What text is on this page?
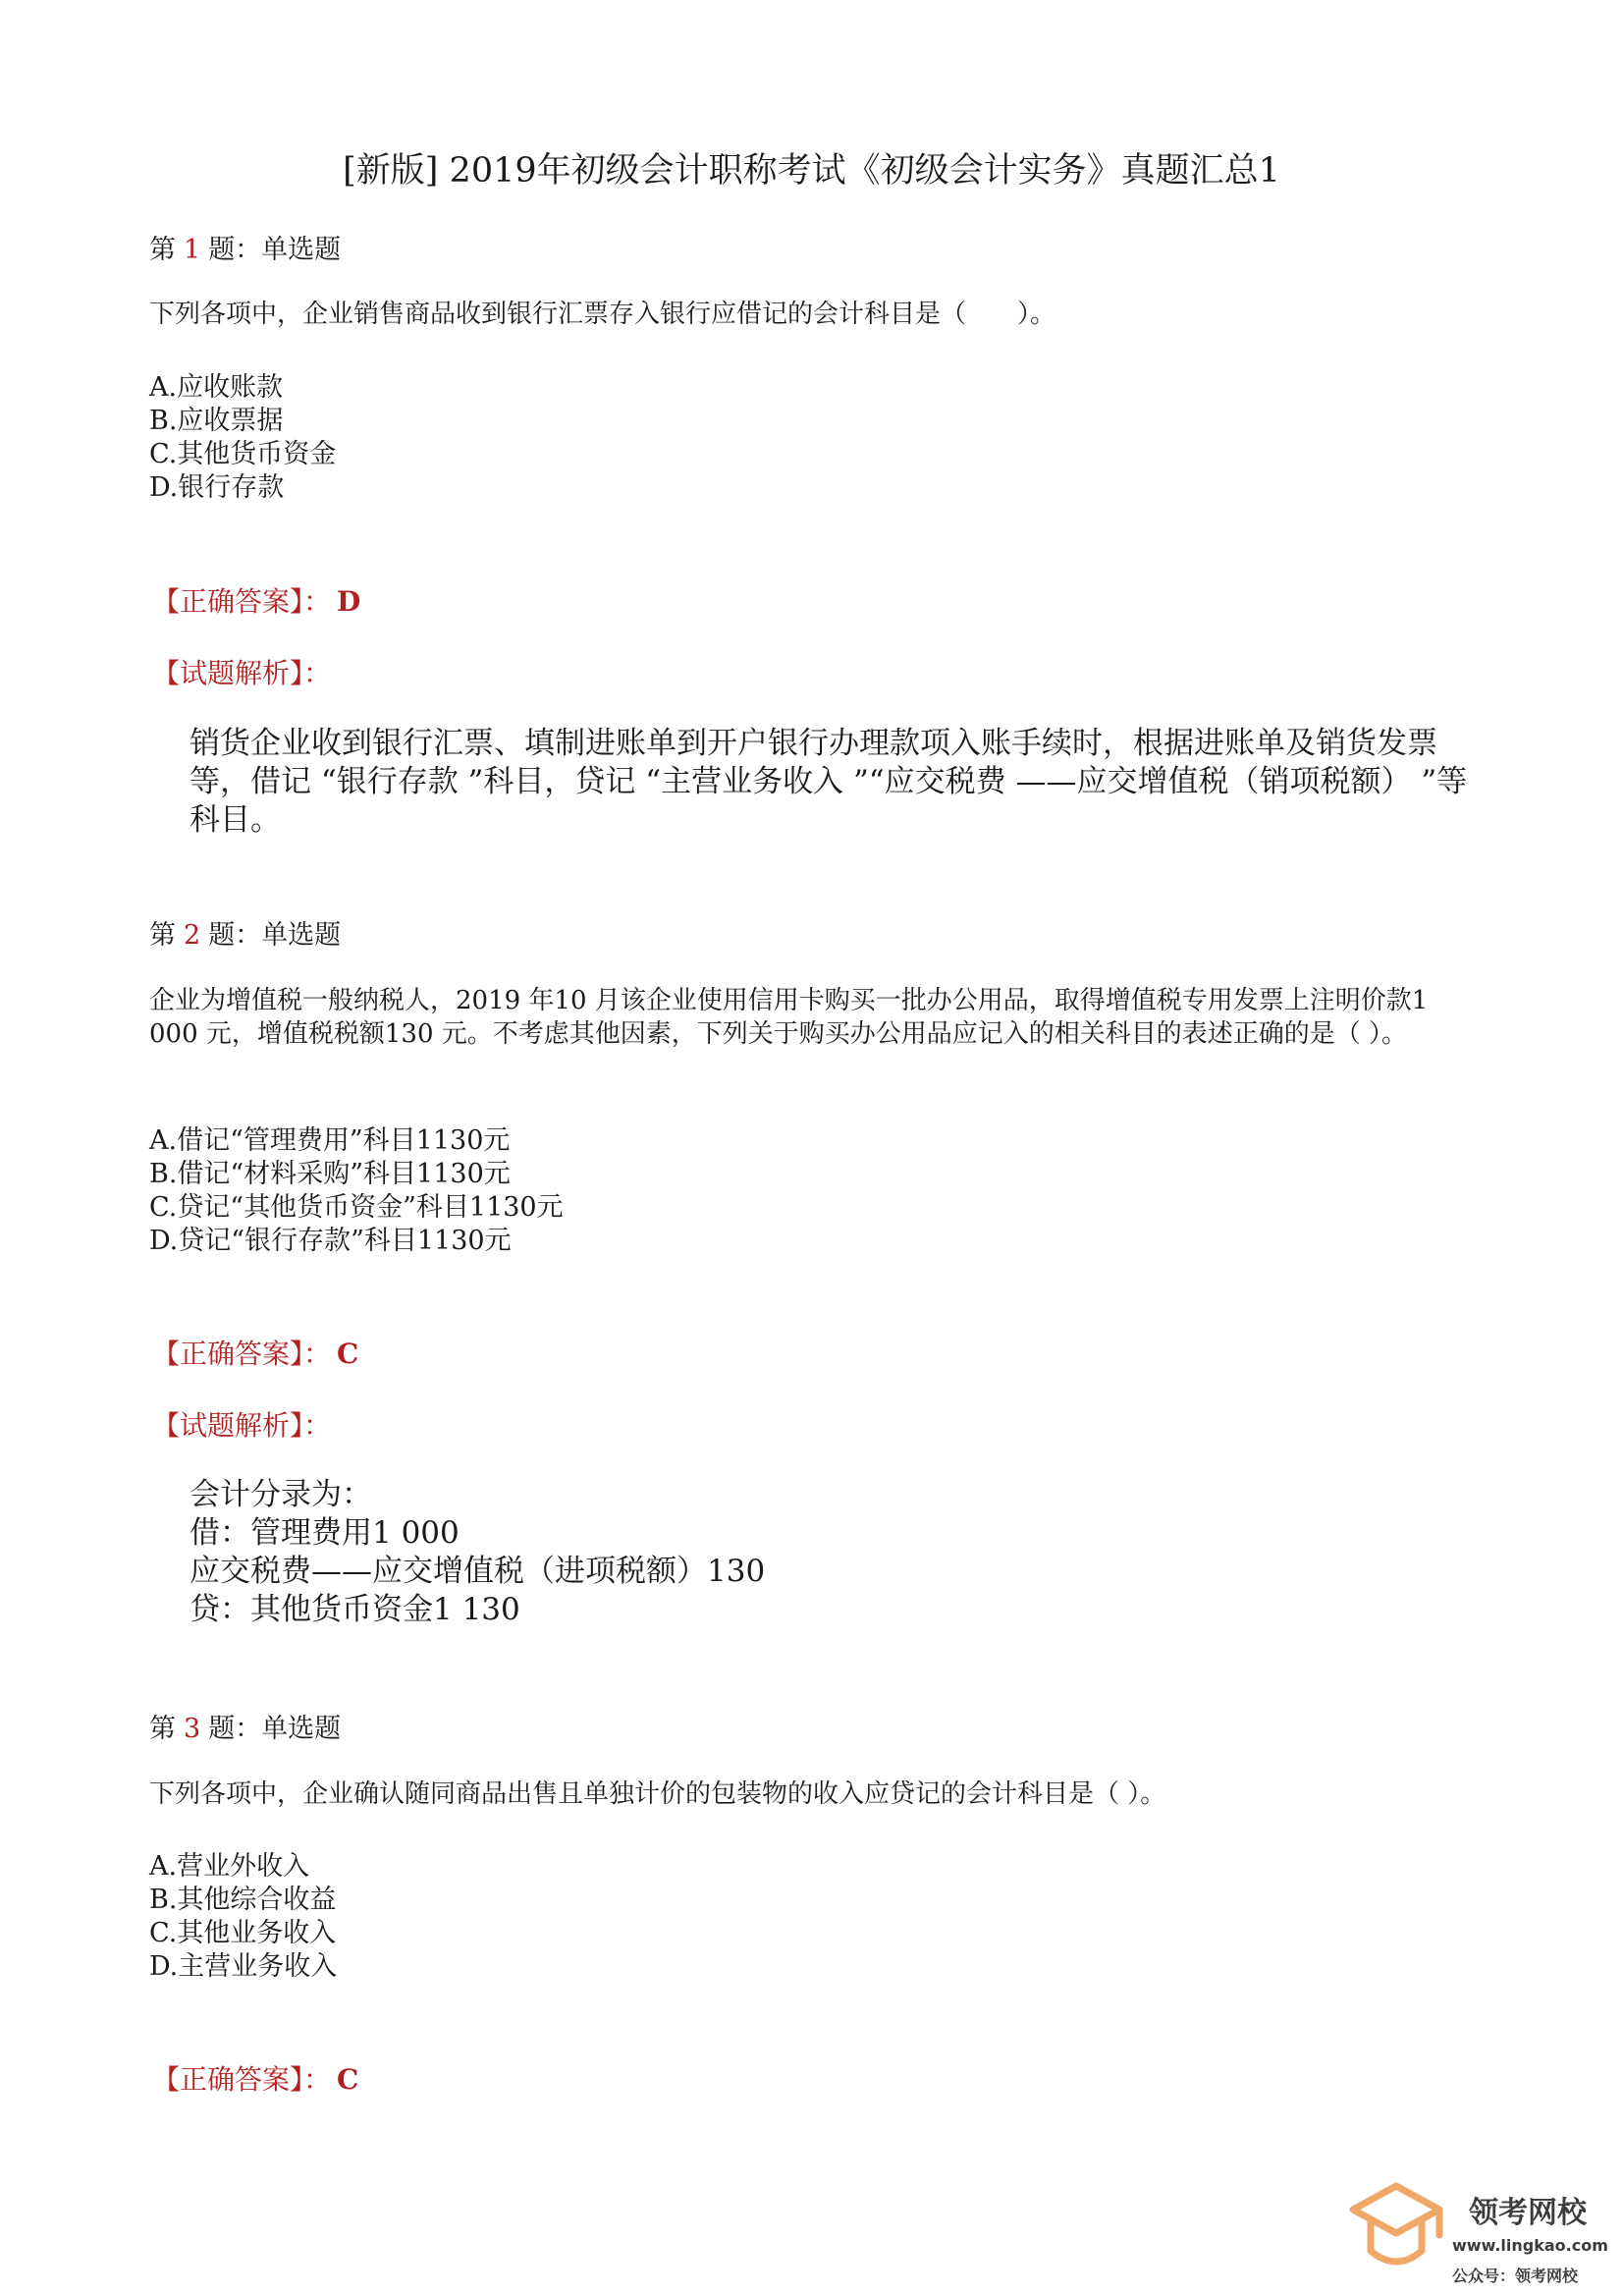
[新版] 2019年初级会计职称考试《初级会计实务》真题汇总1
第 1 题：单选题
下列各项中，企业销售商品收到银行汇票存入银行应借记的会计科目是（　　）。
A.应收账款
B.应收票据
C.其他货币资金
D.银行存款
【正确答案】： D
【试题解析】：
销货企业收到银行汇票、填制进账单到开户银行办理款项入账手续时，根据进账单及销货发票等，借记 “银行存款 ”科目，贷记 “主营业务收入 ”“应交税费 ——应交增值税（销项税额） ”等科目。
第 2 题：单选题
企业为增值税一般纳税人，2019 年10 月该企业使用信用卡购买一批办公用品，取得增值税专用发票上注明价款1 000 元，增值税税额130 元。不考虑其他因素，下列关于购买办公用品应记入的相关科目的表述正确的是（ ）。
A.借记“管理费用”科目1130元
B.借记“材料采购”科目1130元
C.贷记“其他货币资金”科目1130元
D.贷记“银行存款”科目1130元
【正确答案】： C
【试题解析】：
会计分录为：
借：管理费用1 000
应交税费——应交增值税（进项税额）130
贷：其他货币资金1 130
第 3 题：单选题
下列各项中，企业确认随同商品出售且单独计价的包装物的收入应贷记的会计科目是（ ）。
A.营业外收入
B.其他综合收益
C.其他业务收入
D.主营业务收入
【正确答案】： C
领考网校
www.lingkao.com
公众号：领考网校
